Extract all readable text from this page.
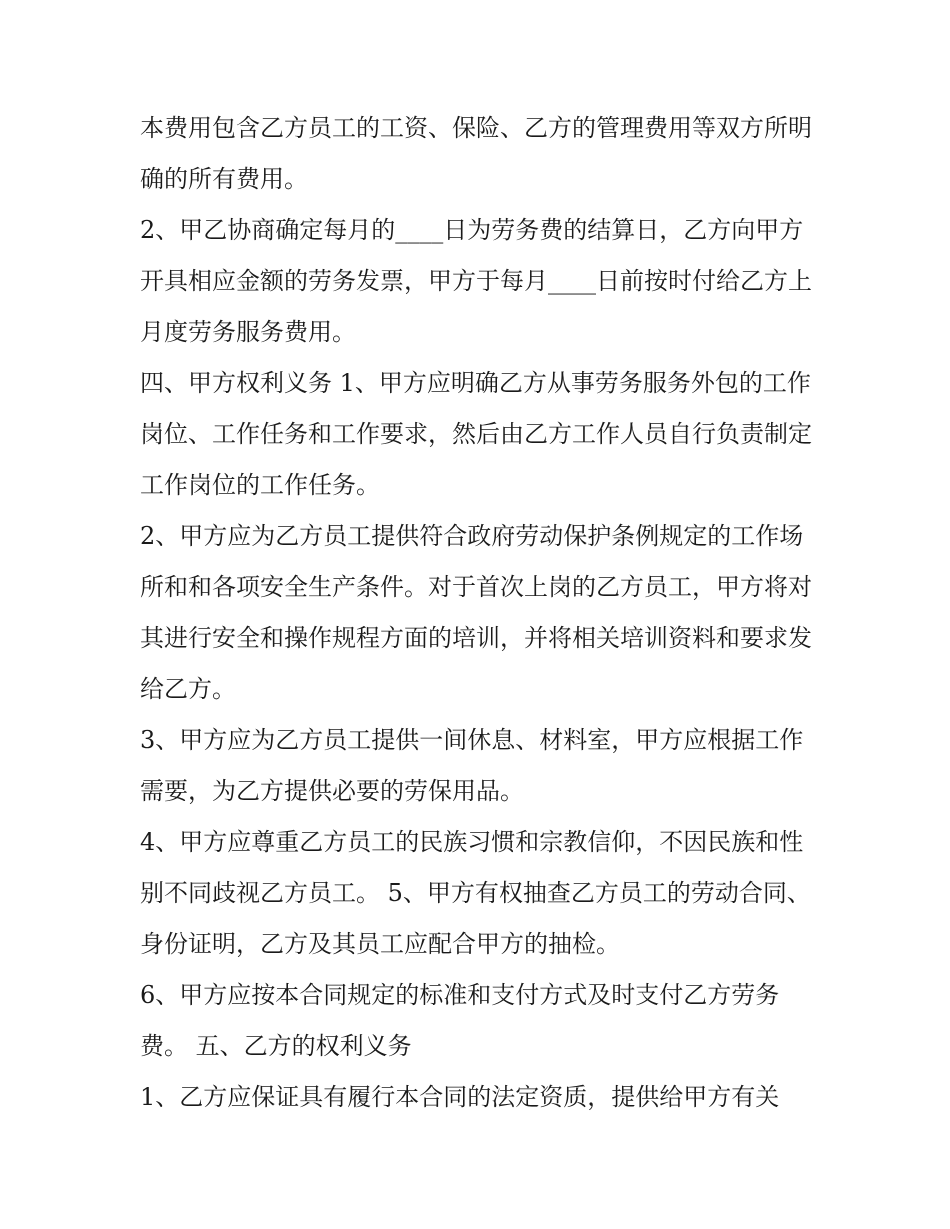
本费用包含乙方员工的工资、保险、乙方的管理费用等双方所明确的所有费用。

2、甲乙协商确定每月的____日为劳务费的结算日，乙方向甲方开具相应金额的劳务发票，甲方于每月____日前按时付给乙方上月度劳务服务费用。

四、甲方权利义务 1、甲方应明确乙方从事劳务服务外包的工作岗位、工作任务和工作要求，然后由乙方工作人员自行负责制定工作岗位的工作任务。

2、甲方应为乙方员工提供符合政府劳动保护条例规定的工作场所和和各项安全生产条件。对于首次上岗的乙方员工，甲方将对其进行安全和操作规程方面的培训，并将相关培训资料和要求发给乙方。

3、甲方应为乙方员工提供一间休息、材料室，甲方应根据工作需要，为乙方提供必要的劳保用品。

4、甲方应尊重乙方员工的民族习惯和宗教信仰，不因民族和性别不同歧视乙方员工。 5、甲方有权抽查乙方员工的劳动合同、身份证明，乙方及其员工应配合甲方的抽检。

6、甲方应按本合同规定的标准和支付方式及时支付乙方劳务费。 五、乙方的权利义务

1、乙方应保证具有履行本合同的法定资质，提供给甲方有关
